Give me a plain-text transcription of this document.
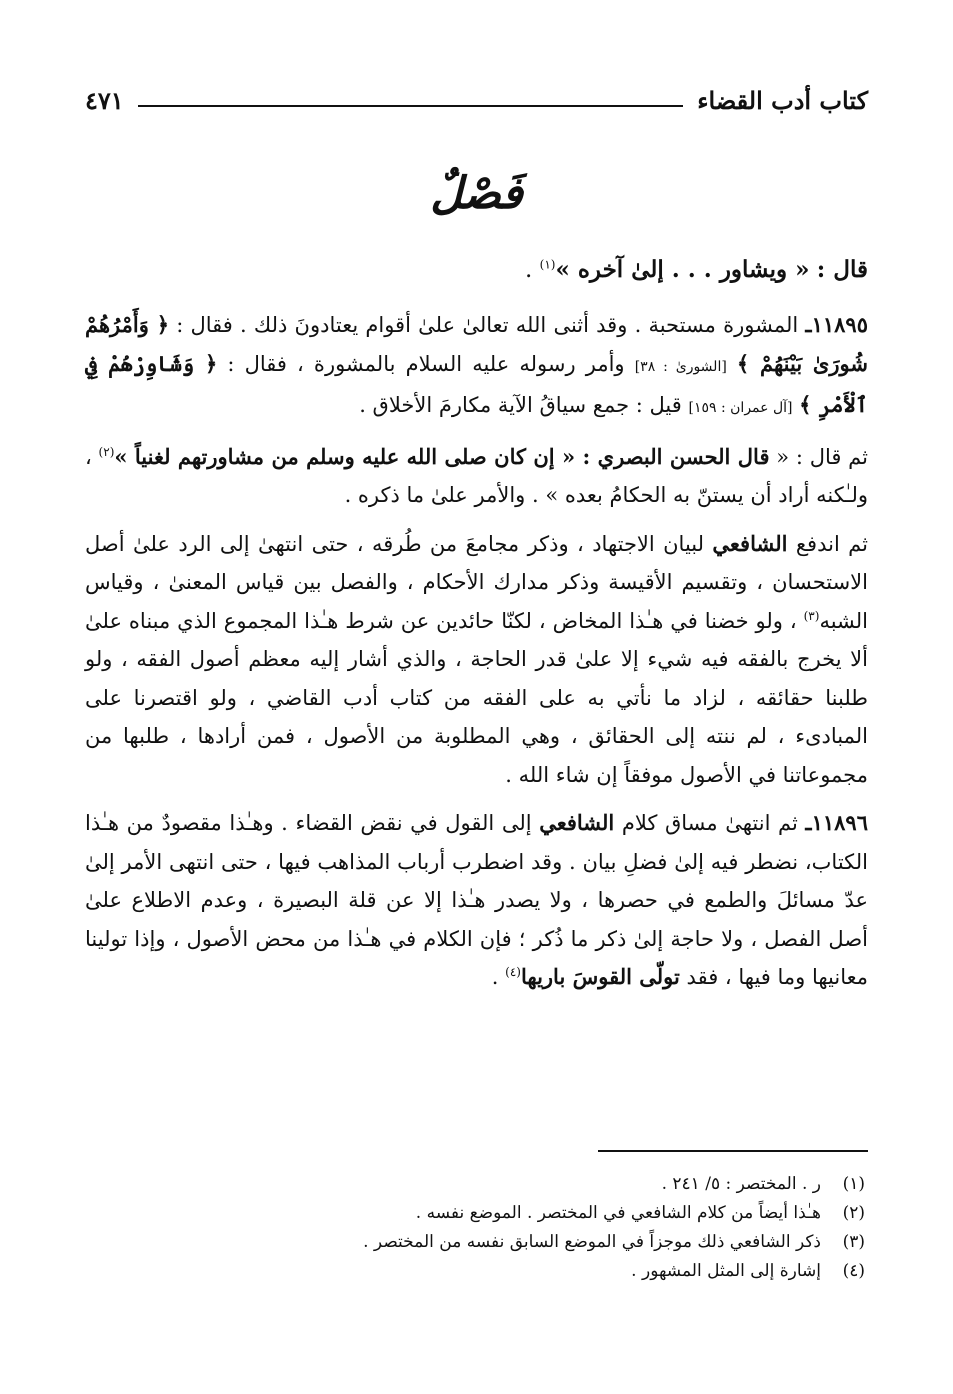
كتاب أدب القضاء
٤٧١
فَصْلٌ
قال : « ويشاور . . . إلىٰ آخره »$^{(١)}$ .

١١٨٩٥ـ المشورة مستحبة . وقد أثنى الله تعالىٰ علىٰ أقوام يعتادونَ ذلك . فقال : ﴿ وَأَمْرُهُمْ شُورَىٰ بَيْنَهُمْ ﴾ [الشورىٰ : ٣٨] وأمر رسوله عليه السلام بالمشورة ، فقال : ﴿ وَشَاوِرْهُمْ فِي ٱلْأَمْرِ ﴾ [آل عمران : ١٥٩] قيل : جمع سياقُ الآية مكارمَ الأخلاق .

ثم قال : « قال الحسن البصري : « إن كان صلى الله عليه وسلم من مشاورتهم لغنياً »$^{(٢)}$ ، ولـٰكنه أراد أن يستنّ به الحكامُ بعده » . والأمر علىٰ ما ذكره .

ثم اندفع الشافعي لبيان الاجتهاد ، وذكر مجامعَ من طُرقه ، حتى انتهىٰ إلى الرد علىٰ أصل الاستحسان ، وتقسيم الأقيسة وذكر مدارك الأحكام ، والفصل بين قياس المعنىٰ ، وقياس الشبه$^{(٣)}$ ، ولو خضنا في هـٰذا المخاض ، لكنّا حائدين عن شرط هـٰذا المجموع الذي مبناه علىٰ ألا يخرج بالفقه فيه شيء إلا علىٰ قدر الحاجة ، والذي أشار إليه معظم أصول الفقه ، ولو طلبنا حقائقه ، لزاد ما نأتي به على الفقه من كتاب أدب القاضي ، ولو اقتصرنا على المبادىء ، لم ننته إلى الحقائق ، وهي المطلوبة من الأصول ، فمن أرادها ، طلبها من مجموعاتنا في الأصول موفقاً إن شاء الله .

١١٨٩٦ـ ثم انتهىٰ مساق كلام الشافعي إلى القول في نقض القضاء . وهـٰذا مقصودٌ من هـٰذا الكتاب، نضطر فيه إلىٰ فضلِ بيان . وقد اضطرب أرباب المذاهب فيها ، حتى انتهى الأمر إلىٰ عدّ مسائلَ والطمع في حصرها ، ولا يصدر هـٰذا إلا عن قلة البصيرة ، وعدم الاطلاع علىٰ أصل الفصل ، ولا حاجة إلىٰ ذكر ما ذُكر ؛ فإن الكلام في هـٰذا من محض الأصول ، وإذا تولينا معانيها وما فيها ، فقد تولّى القوسَ باريها$^{(٤)}$ .

(١)
ر . المختصر : ٥/ ٢٤١ .
(٢)
هـٰذا أيضاً من كلام الشافعي في المختصر . الموضع نفسه .
(٣)
ذكر الشافعي ذلك موجزاً في الموضع السابق نفسه من المختصر .
(٤)
إشارة إلى المثل المشهور .
